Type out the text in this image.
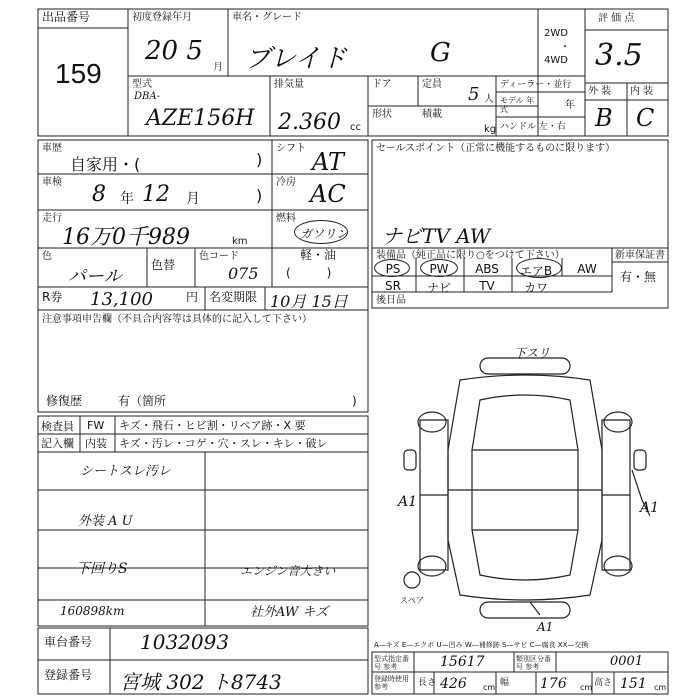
出品番号
159
初度登録年月
20 5
月
車名・グレード
ブレイド	G
2WD
・
4WD
評 価 点
3.5
型式
DBA-
AZE156H
排気量
2.360 cc
ドア	定員 5 人
ディーラー・並行
モデル 年式	年
ハンドル 左・右
外 装 内 装
B C
形状	積載
kg
車歴
自家用・(	)
車検 8 年 12 月	)
走行
16万0千989	km
色
パール
色替
色コード
075
シフト AT
冷房 AC
燃料
ガソリン
軽・油
(　　　)
R券 13,100	円 名変期限 10月 15日
注意事項申告欄（不具合内容等は具体的に記入して下さい）
修復歴	有（箇所	)
セールスポイント（正常に機能するものに限ります）
ナビTV AW
装備品（純正品に限り○をつけて下さい）
PS	PW	ABS	エアB	AW
SR	ナビ	TV	カワ
新車保証書
有・無
後日品
下スリ
A1	A1
A1
スペア
検査員
記入欄
FW キズ・飛石・ヒビ割・リペア跡・X 要
内装 キズ・汚レ・コゲ・穴・スレ・キレ・破レ
シートスレ汚レ
外装 A U
下回りS	エンジン音大きい
160898km	社外AW キズ
車台番号 1032093
登録番号 宮城 302 ト8743
A—キズ E—エクボ U—凹み W—補修跡 S—サビ C—腐食 XX—交換
型式指定番号 参考	15617	類別区分番号 参考	0001
登録時使用 参考	長さ 426 cm 幅 176 cm 高さ 151 cm
